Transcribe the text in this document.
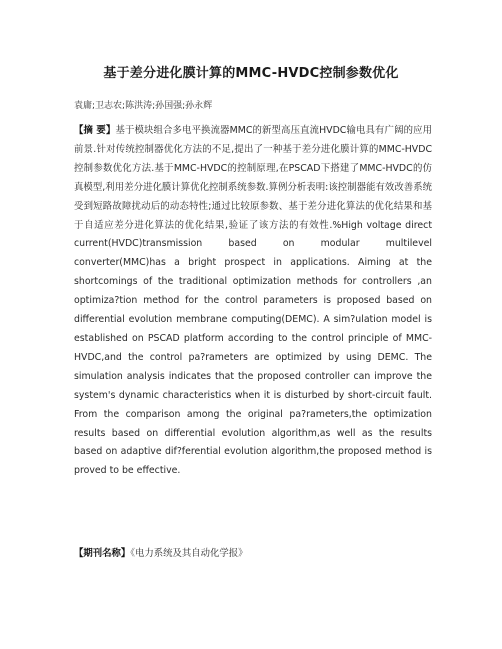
基于差分进化膜计算的MMC-HVDC控制参数优化
袁庸;卫志农;陈洪涛;孙国强;孙永辉
【摘 要】基于模块组合多电平换流器MMC的新型高压直流HVDC输电具有广阔的应用前景.针对传统控制器优化方法的不足,提出了一种基于差分进化膜计算的MMC-HVDC控制参数优化方法.基于MMC-HVDC的控制原理,在PSCAD下搭建了MMC-HVDC的仿真模型,利用差分进化膜计算优化控制系统参数.算例分析表明:该控制器能有效改善系统受到短路故障扰动后的动态特性;通过比较原参数、基于差分进化算法的优化结果和基于自适应差分进化算法的优化结果,验证了该方法的有效性.%High voltage direct current(HVDC)transmission based on modular multilevel converter(MMC)has a bright prospect in applications. Aiming at the shortcomings of the traditional optimization methods for controllers ,an optimiza?tion method for the control parameters is proposed based on differential evolution membrane computing(DEMC). A sim?ulation model is established on PSCAD platform according to the control principle of MMC-HVDC,and the control pa?rameters are optimized by using DEMC. The simulation analysis indicates that the proposed controller can improve the system's dynamic characteristics when it is disturbed by short-circuit fault. From the comparison among the original pa?rameters,the optimization results based on differential evolution algorithm,as well as the results based on adaptive dif?ferential evolution algorithm,the proposed method is proved to be effective.
【期刊名称】《电力系统及其自动化学报》
